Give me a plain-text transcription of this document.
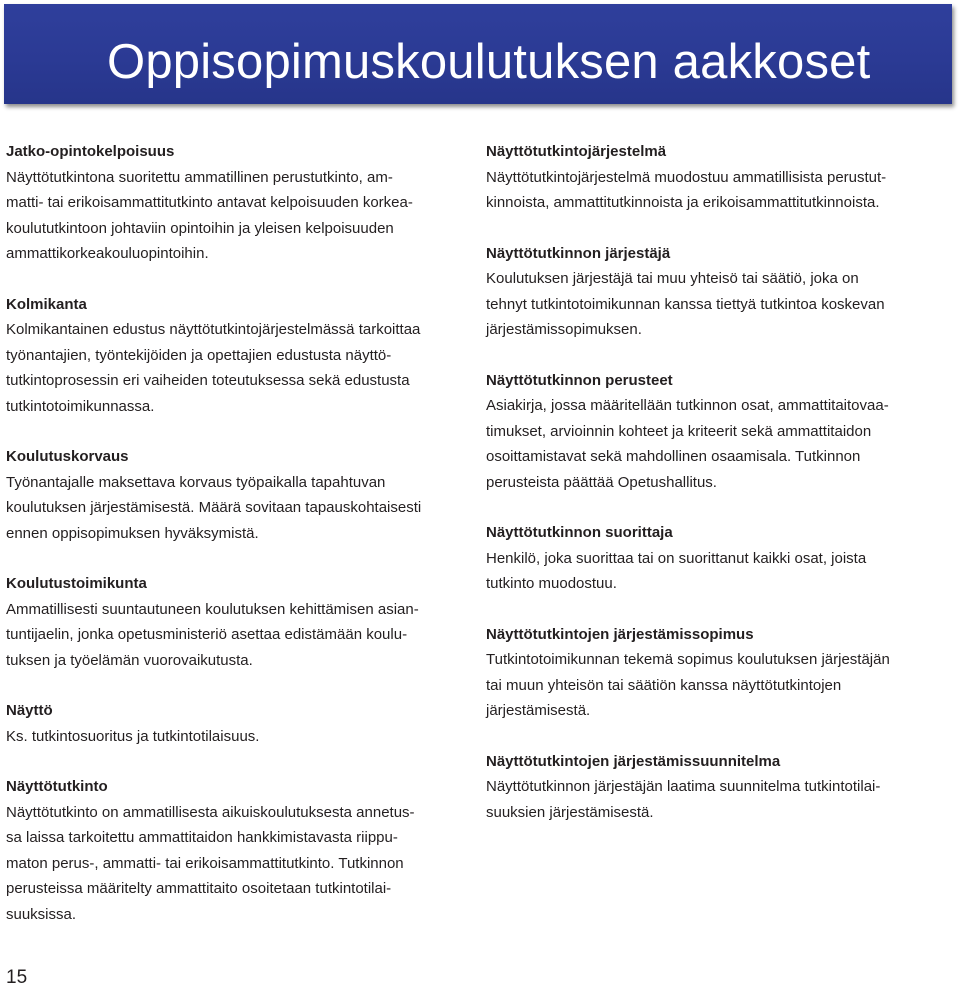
Oppisopimuskoulutuksen aakkoset
Jatko-opintokelpoisuus

Näyttötutkintona suoritettu ammatillinen perustutkinto, am-
matti- tai erikoisammattitutkinto antavat kelpoisuuden korkea-
koulututkintoon johtaviin opintoihin ja yleisen kelpoisuuden
ammattikorkeakouluopintoihin.

Kolmikanta

Kolmikantainen edustus näyttötutkintojärjestelmässä tarkoittaa
työnantajien, työntekijöiden ja opettajien edustusta näyttö-
tutkintoprosessin eri vaiheiden toteutuksessa sekä edustusta
tutkintotoimikunnassa.

Koulutuskorvaus

Työnantajalle maksettava korvaus työpaikalla tapahtuvan
koulutuksen järjestämisestä. Määrä sovitaan tapauskohtaisesti
ennen oppisopimuksen hyväksymistä.

Koulutustoimikunta

Ammatillisesti suuntautuneen koulutuksen kehittämisen asian-
tuntijaelin, jonka opetusministeriö asettaa edistämään koulu-
tuksen ja työelämän vuorovaikutusta.

Näyttö

Ks. tutkintosuoritus ja tutkintotilaisuus.

Näyttötutkinto

Näyttötutkinto on ammatillisesta aikuiskoulutuksesta annetus-
sa laissa tarkoitettu ammattitaidon hankkimistavasta riippu-
maton perus-, ammatti- tai erikoisammattitutkinto. Tutkinnon
perusteissa määritelty ammattitaito osoitetaan tutkintotilai-
suuksissa.

Näyttötutkintojärjestelmä

Näyttötutkintojärjestelmä muodostuu ammatillisista perustut-
kinnoista, ammattitutkinnoista ja erikoisammattitutkinnoista.

Näyttötutkinnon järjestäjä

Koulutuksen järjestäjä tai muu yhteisö tai säätiö, joka on
tehnyt tutkintotoimikunnan kanssa tiettyä tutkintoa koskevan
järjestämissopimuksen.

Näyttötutkinnon perusteet

Asiakirja, jossa määritellään tutkinnon osat, ammattitaitovaa-
timukset, arvioinnin kohteet ja kriteerit sekä ammattitaidon
osoittamistavat sekä mahdollinen osaamisala. Tutkinnon
perusteista päättää Opetushallitus.

Näyttötutkinnon suorittaja

Henkilö, joka suorittaa tai on suorittanut kaikki osat, joista
tutkinto muodostuu.

Näyttötutkintojen järjestämissopimus

Tutkintotoimikunnan tekemä sopimus koulutuksen järjestäjän
tai muun yhteisön tai säätiön kanssa näyttötutkintojen
järjestämisestä.

Näyttötutkintojen järjestämissuunnitelma

Näyttötutkinnon järjestäjän laatima suunnitelma tutkintotilai-
suuksien järjestämisestä.

15
